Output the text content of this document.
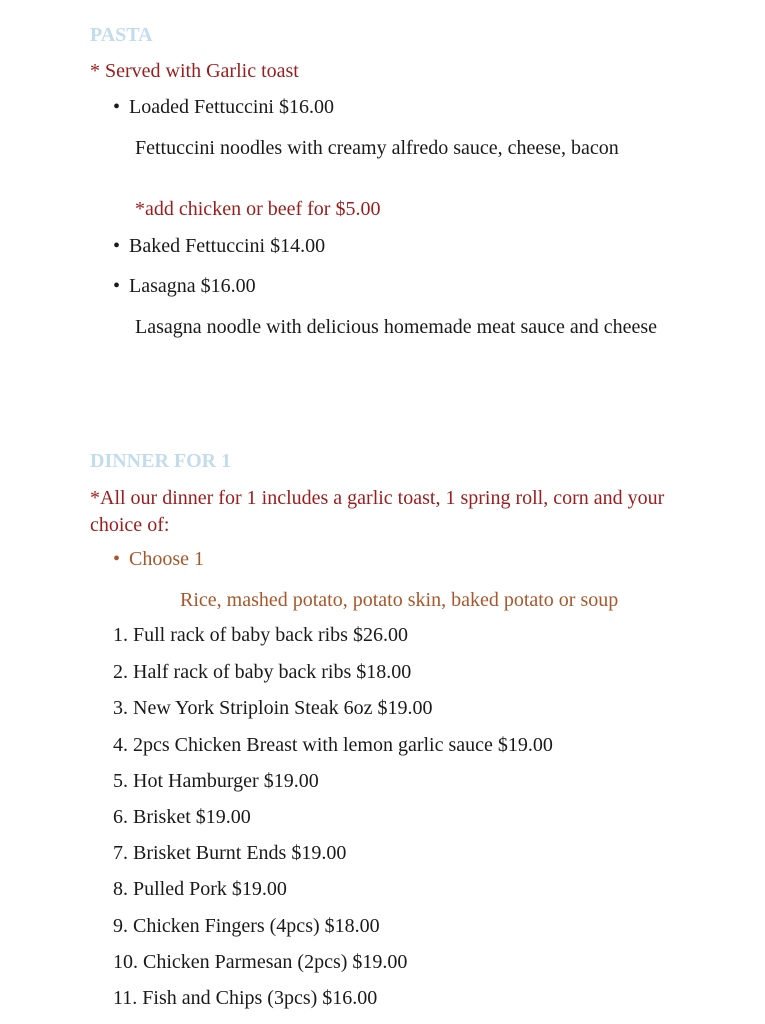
PASTA
* Served with Garlic toast
• Loaded Fettuccini $16.00
Fettuccini noodles with creamy alfredo sauce, cheese, bacon
*add chicken or beef for $5.00
• Baked Fettuccini $14.00
• Lasagna $16.00
Lasagna noodle with delicious homemade meat sauce and cheese
DINNER FOR 1
*All our dinner for 1 includes a garlic toast, 1 spring roll, corn and your choice of:
• Choose 1
Rice, mashed potato, potato skin, baked potato or soup
1. Full rack of baby back ribs $26.00
2. Half rack of baby back ribs $18.00
3. New York Striploin Steak 6oz $19.00
4. 2pcs Chicken Breast with lemon garlic sauce $19.00
5. Hot Hamburger $19.00
6. Brisket $19.00
7. Brisket Burnt Ends $19.00
8. Pulled Pork $19.00
9. Chicken Fingers (4pcs) $18.00
10. Chicken Parmesan (2pcs) $19.00
11. Fish and Chips (3pcs) $16.00
